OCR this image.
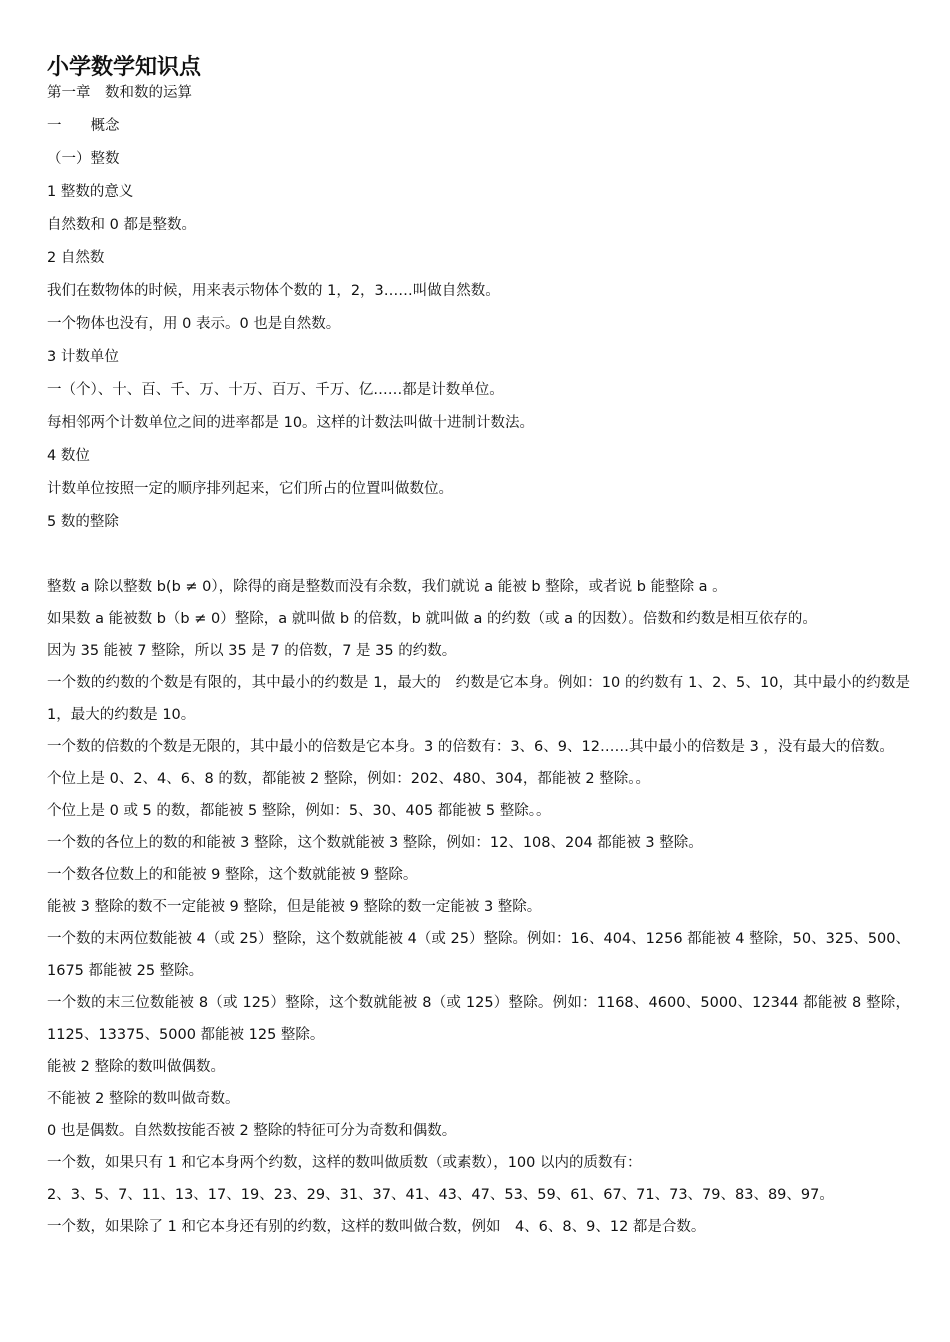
小学数学知识点

第一章　数和数的运算

一　　概念

（一）整数

1 整数的意义

自然数和 0 都是整数。

2 自然数

我们在数物体的时候，用来表示物体个数的 1，2，3……叫做自然数。

一个物体也没有，用 0 表示。0 也是自然数。

3 计数单位

一（个）、十、百、千、万、十万、百万、千万、亿……都是计数单位。

每相邻两个计数单位之间的进率都是 10。这样的计数法叫做十进制计数法。

4 数位

计数单位按照一定的顺序排列起来，它们所占的位置叫做数位。

5 数的整除

整数 a 除以整数 b(b ≠ 0），除得的商是整数而没有余数，我们就说 a 能被 b 整除，或者说 b 能整除 a 。

如果数 a 能被数 b（b ≠ 0）整除，a 就叫做 b 的倍数，b 就叫做 a 的约数（或 a 的因数）。倍数和约数是相互依存的。

因为 35 能被 7 整除，所以 35 是 7 的倍数，7 是 35 的约数。

一个数的约数的个数是有限的，其中最小的约数是 1，最大的　约数是它本身。例如：10 的约数有 1、2、5、10，其中最小的约数是 1，最大的约数是 10。

一个数的倍数的个数是无限的，其中最小的倍数是它本身。3 的倍数有：3、6、9、12……其中最小的倍数是 3 ，没有最大的倍数。

个位上是 0、2、4、6、8 的数，都能被 2 整除，例如：202、480、304，都能被 2 整除。。

个位上是 0 或 5 的数，都能被 5 整除，例如：5、30、405 都能被 5 整除。。

一个数的各位上的数的和能被 3 整除，这个数就能被 3 整除，例如：12、108、204 都能被 3 整除。

一个数各位数上的和能被 9 整除，这个数就能被 9 整除。

能被 3 整除的数不一定能被 9 整除，但是能被 9 整除的数一定能被 3 整除。

一个数的末两位数能被 4（或 25）整除，这个数就能被 4（或 25）整除。例如：16、404、1256 都能被 4 整除，50、325、500、1675 都能被 25 整除。

一个数的末三位数能被 8（或 125）整除，这个数就能被 8（或 125）整除。例如：1168、4600、5000、12344 都能被 8 整除，1125、13375、5000 都能被 125 整除。

能被 2 整除的数叫做偶数。

不能被 2 整除的数叫做奇数。

0 也是偶数。自然数按能否被 2 整除的特征可分为奇数和偶数。

一个数，如果只有 1 和它本身两个约数，这样的数叫做质数（或素数），100 以内的质数有：

2、3、5、7、11、13、17、19、23、29、31、37、41、43、47、53、59、61、67、71、73、79、83、89、97。

一个数，如果除了 1 和它本身还有别的约数，这样的数叫做合数，例如　4、6、8、9、12 都是合数。
